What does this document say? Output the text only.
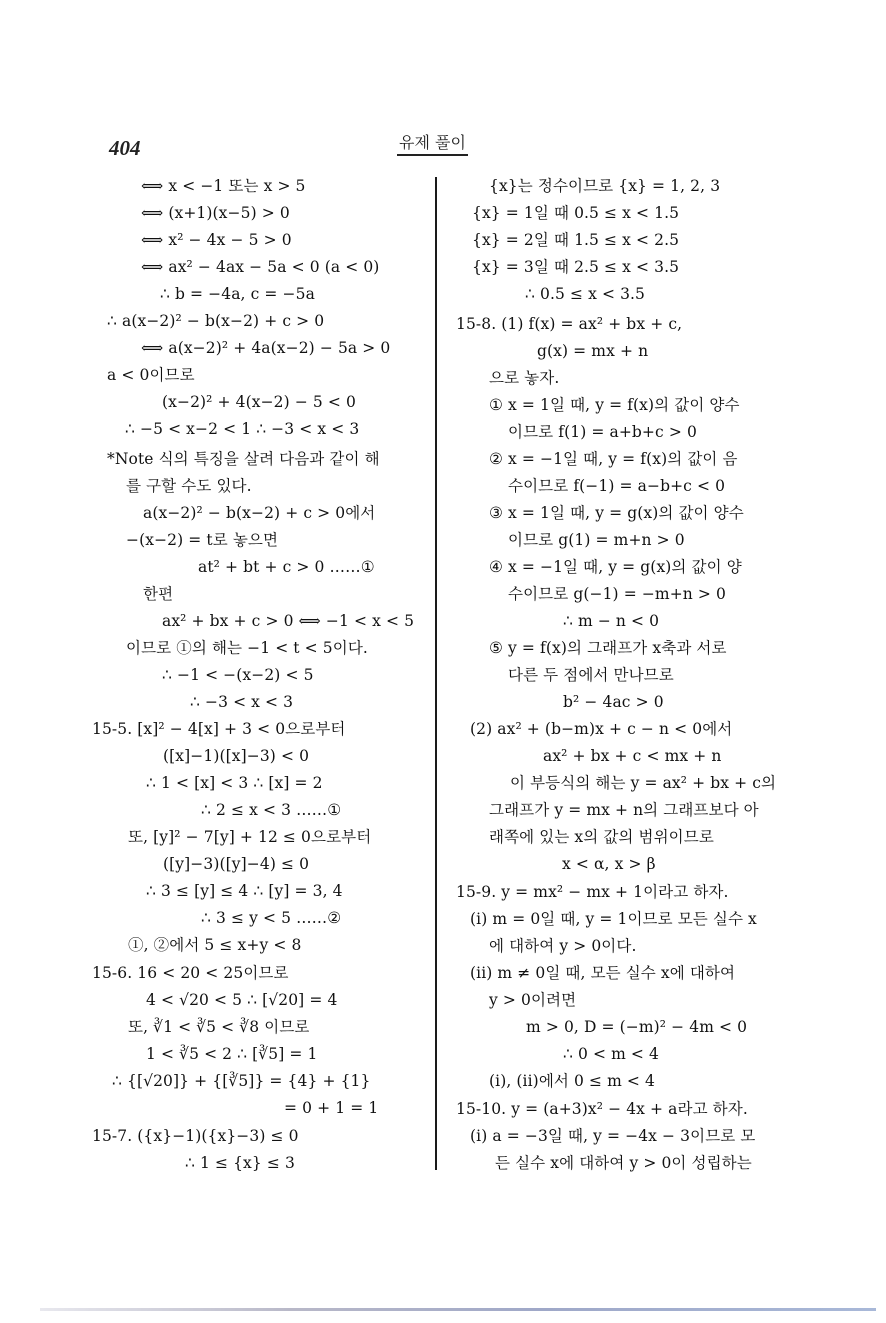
404	유제 풀이
⟺ x < −1 또는 x > 5
⟺ (x+1)(x−5) > 0
⟺ x² − 4x − 5 > 0
⟺ ax² − 4ax − 5a < 0 (a < 0)
∴ b = −4a, c = −5a
∴ a(x−2)² − b(x−2) + c > 0
⟺ a(x−2)² + 4a(x−2) − 5a > 0
a < 0이므로
(x−2)² + 4(x−2) − 5 < 0
∴ −5 < x−2 < 1 ∴ −3 < x < 3
*Note 식의 특징을 살려 다음과 같이 해
를 구할 수도 있다.
a(x−2)² − b(x−2) + c > 0에서
−(x−2) = t로 놓으면
at² + bt + c > 0 ……①
한편
ax² + bx + c > 0 ⟺ −1 < x < 5
이므로 ①의 해는 −1 < t < 5이다.
∴ −1 < −(x−2) < 5
∴ −3 < x < 3
15-5. [x]² − 4[x] + 3 < 0으로부터
([x]−1)([x]−3) < 0
∴ 1 < [x] < 3 ∴ [x] = 2
∴ 2 ≤ x < 3 ……①
또, [y]² − 7[y] + 12 ≤ 0으로부터
([y]−3)([y]−4) ≤ 0
∴ 3 ≤ [y] ≤ 4 ∴ [y] = 3, 4
∴ 3 ≤ y < 5 ……②
①, ②에서 5 ≤ x+y < 8
15-6. 16 < 20 < 25이므로
4 < √20 < 5 ∴ [√20] = 4
또, ∛1 < ∛5 < ∛8 이므로
1 < ∛5 < 2 ∴ [∛5] = 1
∴ {[√20]} + {[∛5]} = {4} + {1}
= 0 + 1 = 1
15-7. ({x}−1)({x}−3) ≤ 0
∴ 1 ≤ {x} ≤ 3
{x}는 정수이므로 {x} = 1, 2, 3
{x} = 1일 때 0.5 ≤ x < 1.5
{x} = 2일 때 1.5 ≤ x < 2.5
{x} = 3일 때 2.5 ≤ x < 3.5
∴ 0.5 ≤ x < 3.5
15-8. (1) f(x) = ax² + bx + c,
g(x) = mx + n
으로 놓자.
① x = 1일 때, y = f(x)의 값이 양수
이므로 f(1) = a+b+c > 0
② x = −1일 때, y = f(x)의 값이 음
수이므로 f(−1) = a−b+c < 0
③ x = 1일 때, y = g(x)의 값이 양수
이므로 g(1) = m+n > 0
④ x = −1일 때, y = g(x)의 값이 양
수이므로 g(−1) = −m+n > 0
∴ m − n < 0
⑤ y = f(x)의 그래프가 x축과 서로
다른 두 점에서 만나므로
b² − 4ac > 0
(2) ax² + (b−m)x + c − n < 0에서
ax² + bx + c < mx + n
이 부등식의 해는 y = ax² + bx + c의
그래프가 y = mx + n의 그래프보다 아
래쪽에 있는 x의 값의 범위이므로
x < α, x > β
15-9. y = mx² − mx + 1이라고 하자.
(i) m = 0일 때, y = 1이므로 모든 실수 x
에 대하여 y > 0이다.
(ii) m ≠ 0일 때, 모든 실수 x에 대하여
y > 0이려면
m > 0, D = (−m)² − 4m < 0
∴ 0 < m < 4
(i), (ii)에서 0 ≤ m < 4
15-10. y = (a+3)x² − 4x + a라고 하자.
(i) a = −3일 때, y = −4x − 3이므로 모
든 실수 x에 대하여 y > 0이 성립하는
